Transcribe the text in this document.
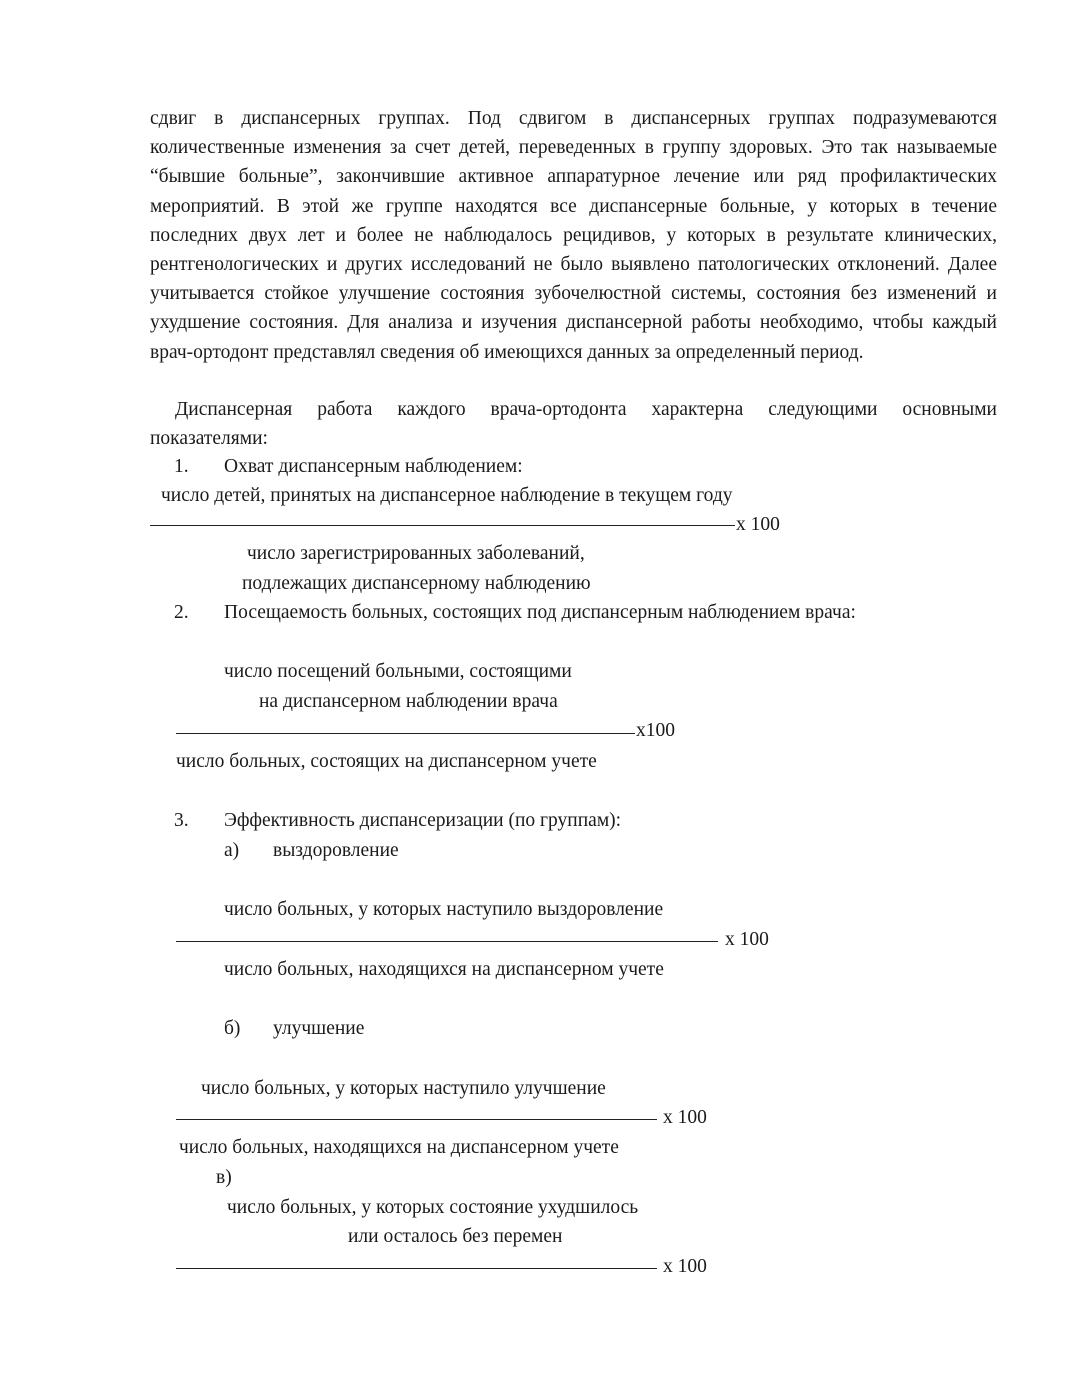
сдвиг в диспансерных группах. Под сдвигом в диспансерных группах подразумеваются количественные изменения за счет детей, переведенных в группу здоровых. Это так называемые “бывшие больные”, закончившие активное аппаратурное лечение или ряд профилактических мероприятий. В этой же группе находятся все диспансерные больные, у которых в течение последних двух лет и более не наблюдалось рецидивов, у которых в результате клинических, рентгенологических и других исследований не было выявлено патологических отклонений. Далее учитывается стойкое улучшение состояния зубочелюстной системы, состояния без изменений и ухудшение состояния. Для анализа и изучения диспансерной работы необходимо, чтобы каждый врач-ортодонт представлял сведения об имеющихся данных за определенный период.

Диспансерная работа каждого врача-ортодонта характерна следующими основными показателями:

1. Охват диспансерным наблюдением:
число детей, принятых на диспансерное наблюдение в текущем году
х 100
число зарегистрированных заболеваний,
подлежащих диспансерному наблюдению
2. Посещаемость больных, состоящих под диспансерным наблюдением врача:
число посещений больными, состоящими
на диспансерном наблюдении врача
х100
число больных, состоящих на диспансерном учете
3. Эффективность диспансеризации (по группам):
а) выздоровление
число больных, у которых наступило выздоровление
х 100
число больных, находящихся на диспансерном учете
б) улучшение
число больных, у которых наступило улучшение
х 100
число больных, находящихся на диспансерном учете
в)
число больных, у которых состояние ухудшилось
или осталось без перемен
х 100
